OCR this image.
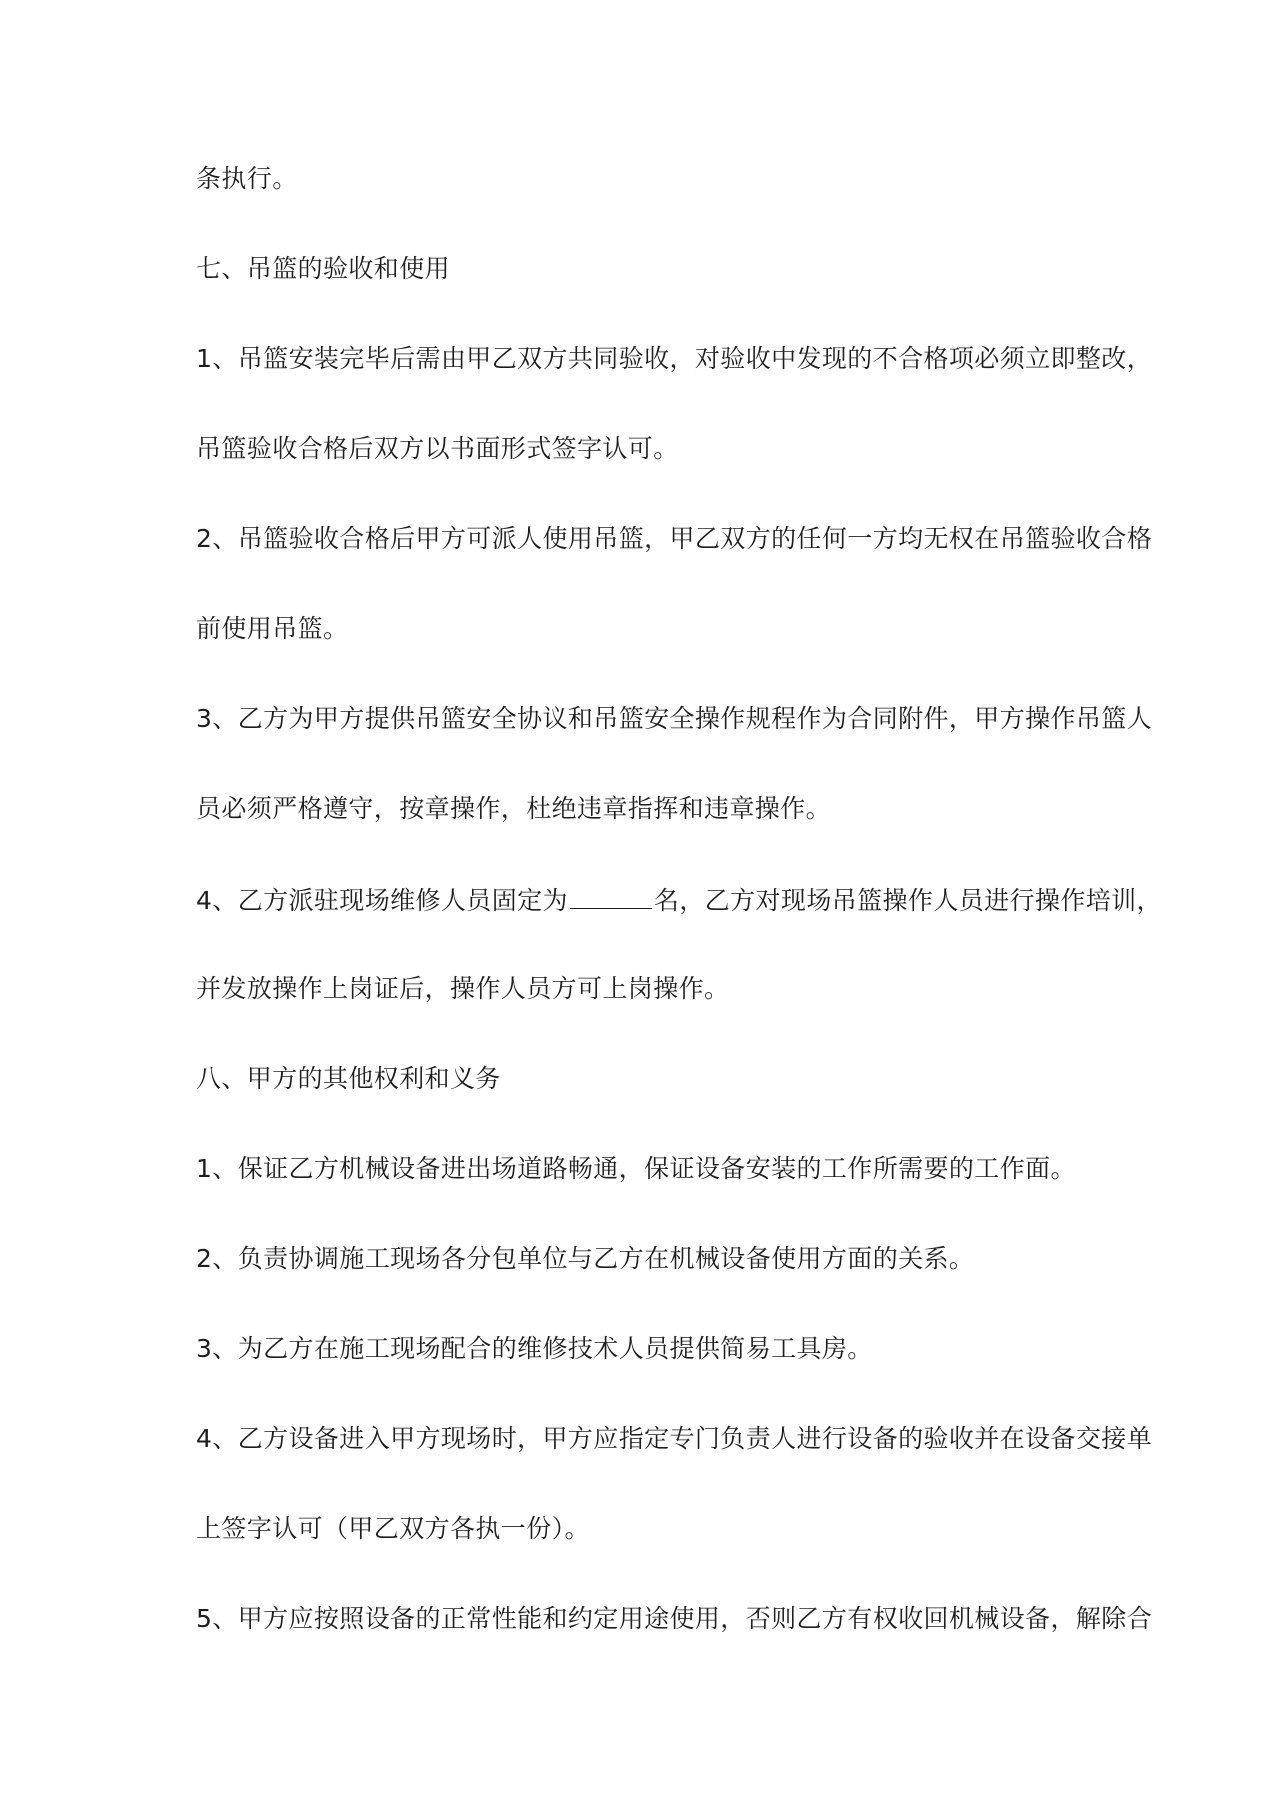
条执行。
七、吊篮的验收和使用
1、吊篮安装完毕后需由甲乙双方共同验收，对验收中发现的不合格项必须立即整改，
吊篮验收合格后双方以书面形式签字认可。
2、吊篮验收合格后甲方可派人使用吊篮，甲乙双方的任何一方均无权在吊篮验收合格
前使用吊篮。
3、乙方为甲方提供吊篮安全协议和吊篮安全操作规程作为合同附件，甲方操作吊篮人
员必须严格遵守，按章操作，杜绝违章指挥和违章操作。
4、乙方派驻现场维修人员固定为	名，乙方对现场吊篮操作人员进行操作培训，
并发放操作上岗证后，操作人员方可上岗操作。
八、甲方的其他权利和义务
1、保证乙方机械设备进出场道路畅通，保证设备安装的工作所需要的工作面。
2、负责协调施工现场各分包单位与乙方在机械设备使用方面的关系。
3、为乙方在施工现场配合的维修技术人员提供简易工具房。
4、乙方设备进入甲方现场时，甲方应指定专门负责人进行设备的验收并在设备交接单
上签字认可（甲乙双方各执一份）。
5、甲方应按照设备的正常性能和约定用途使用，否则乙方有权收回机械设备，解除合
